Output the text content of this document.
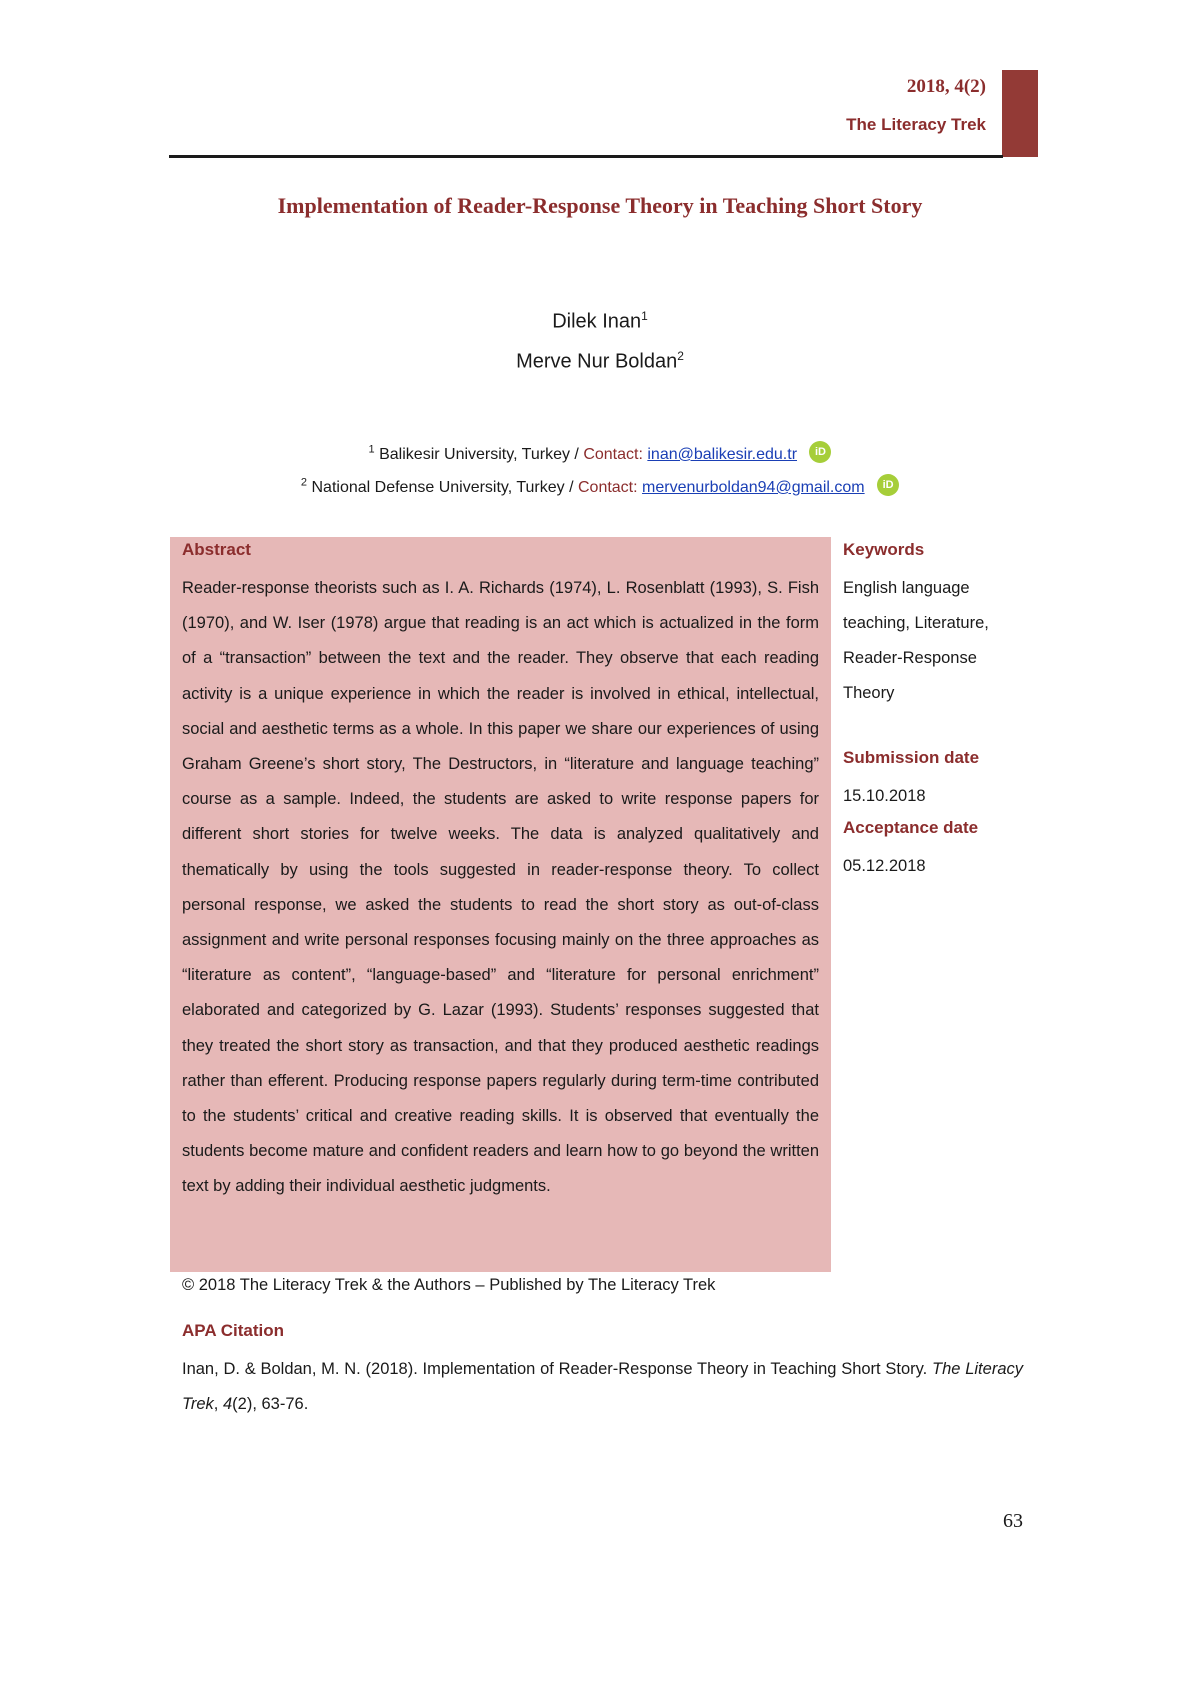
2018, 4(2)
The Literacy Trek
Implementation of Reader-Response Theory in Teaching Short Story
Dilek Inan$^1$
Merve Nur Boldan$^2$
$^1$ Balikesir University, Turkey / Contact: inan@balikesir.edu.tr iD
$^2$ National Defense University, Turkey / Contact: mervenurboldan94@gmail.com iD
Abstract

Reader-response theorists such as I. A. Richards (1974), L. Rosenblatt (1993), S. Fish (1970), and W. Iser (1978) argue that reading is an act which is actualized in the form of a “transaction” between the text and the reader. They observe that each reading activity is a unique experience in which the reader is involved in ethical, intellectual, social and aesthetic terms as a whole. In this paper we share our experiences of using Graham Greene’s short story, The Destructors, in “literature and language teaching” course as a sample. Indeed, the students are asked to write response papers for different short stories for twelve weeks. The data is analyzed qualitatively and thematically by using the tools suggested in reader-response theory. To collect personal response, we asked the students to read the short story as out-of-class assignment and write personal responses focusing mainly on the three approaches as “literature as content”, “language-based” and “literature for personal enrichment” elaborated and categorized by G. Lazar (1993). Students’ responses suggested that they treated the short story as transaction, and that they produced aesthetic readings rather than efferent. Producing response papers regularly during term-time contributed to the students’ critical and creative reading skills. It is observed that eventually the students become mature and confident readers and learn how to go beyond the written text by adding their individual aesthetic judgments.

Keywords
English language teaching, Literature, Reader-Response Theory
Submission date
15.10.2018
Acceptance date
05.12.2018
© 2018 The Literacy Trek & the Authors – Published by The Literacy Trek
APA Citation

Inan, D. & Boldan, M. N. (2018). Implementation of Reader-Response Theory in Teaching Short Story. The Literacy Trek, 4(2), 63-76.

63
